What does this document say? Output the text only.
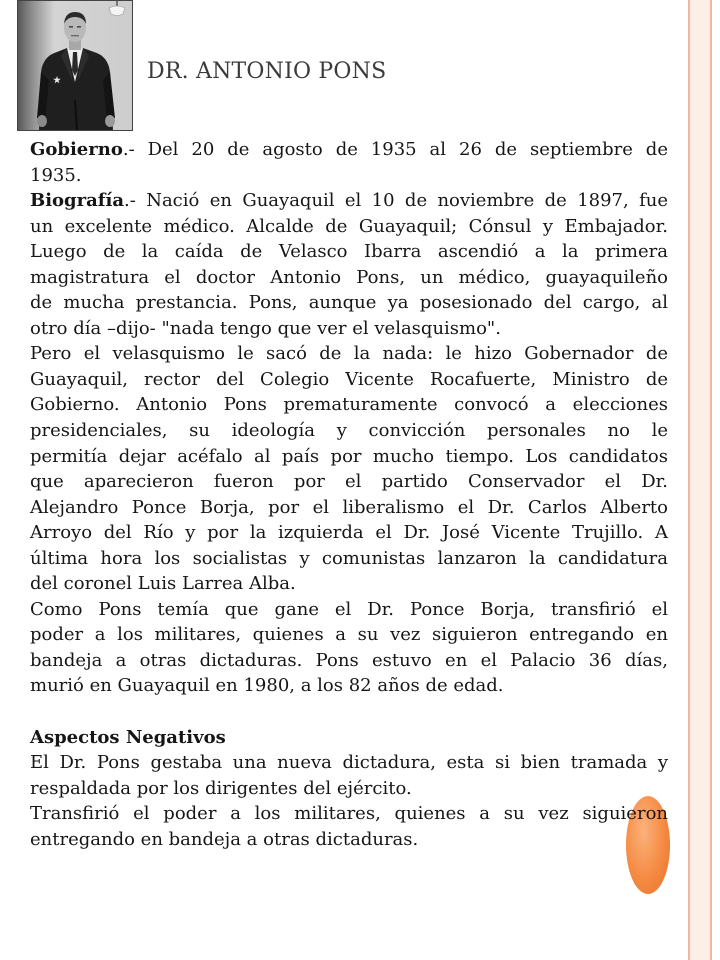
DR. ANTONIO PONS
Gobierno.- Del 20 de agosto de 1935 al 26 de septiembre de
1935.
Biografía.- Nació en Guayaquil el 10 de noviembre de 1897, fue
un excelente médico. Alcalde de Guayaquil; Cónsul y Embajador.
Luego de la caída de Velasco Ibarra ascendió a la primera
magistratura el doctor Antonio Pons, un médico, guayaquileño
de mucha prestancia. Pons, aunque ya posesionado del cargo, al
otro día –dijo- "nada tengo que ver el velasquismo".
Pero el velasquismo le sacó de la nada: le hizo Gobernador de
Guayaquil, rector del Colegio Vicente Rocafuerte, Ministro de
Gobierno. Antonio Pons prematuramente convocó a elecciones
presidenciales, su ideología y convicción personales no le
permitía dejar acéfalo al país por mucho tiempo. Los candidatos
que aparecieron fueron por el partido Conservador el Dr.
Alejandro Ponce Borja, por el liberalismo el Dr. Carlos Alberto
Arroyo del Río y por la izquierda el Dr. José Vicente Trujillo. A
última hora los socialistas y comunistas lanzaron la candidatura
del coronel Luis Larrea Alba.
Como Pons temía que gane el Dr. Ponce Borja, transfirió el
poder a los militares, quienes a su vez siguieron entregando en
bandeja a otras dictaduras. Pons estuvo en el Palacio 36 días,
murió en Guayaquil en 1980, a los 82 años de edad.
Aspectos Negativos
El Dr. Pons gestaba una nueva dictadura, esta si bien tramada y
respaldada por los dirigentes del ejército.
Transfirió el poder a los militares, quienes a su vez siguieron
entregando en bandeja a otras dictaduras.
